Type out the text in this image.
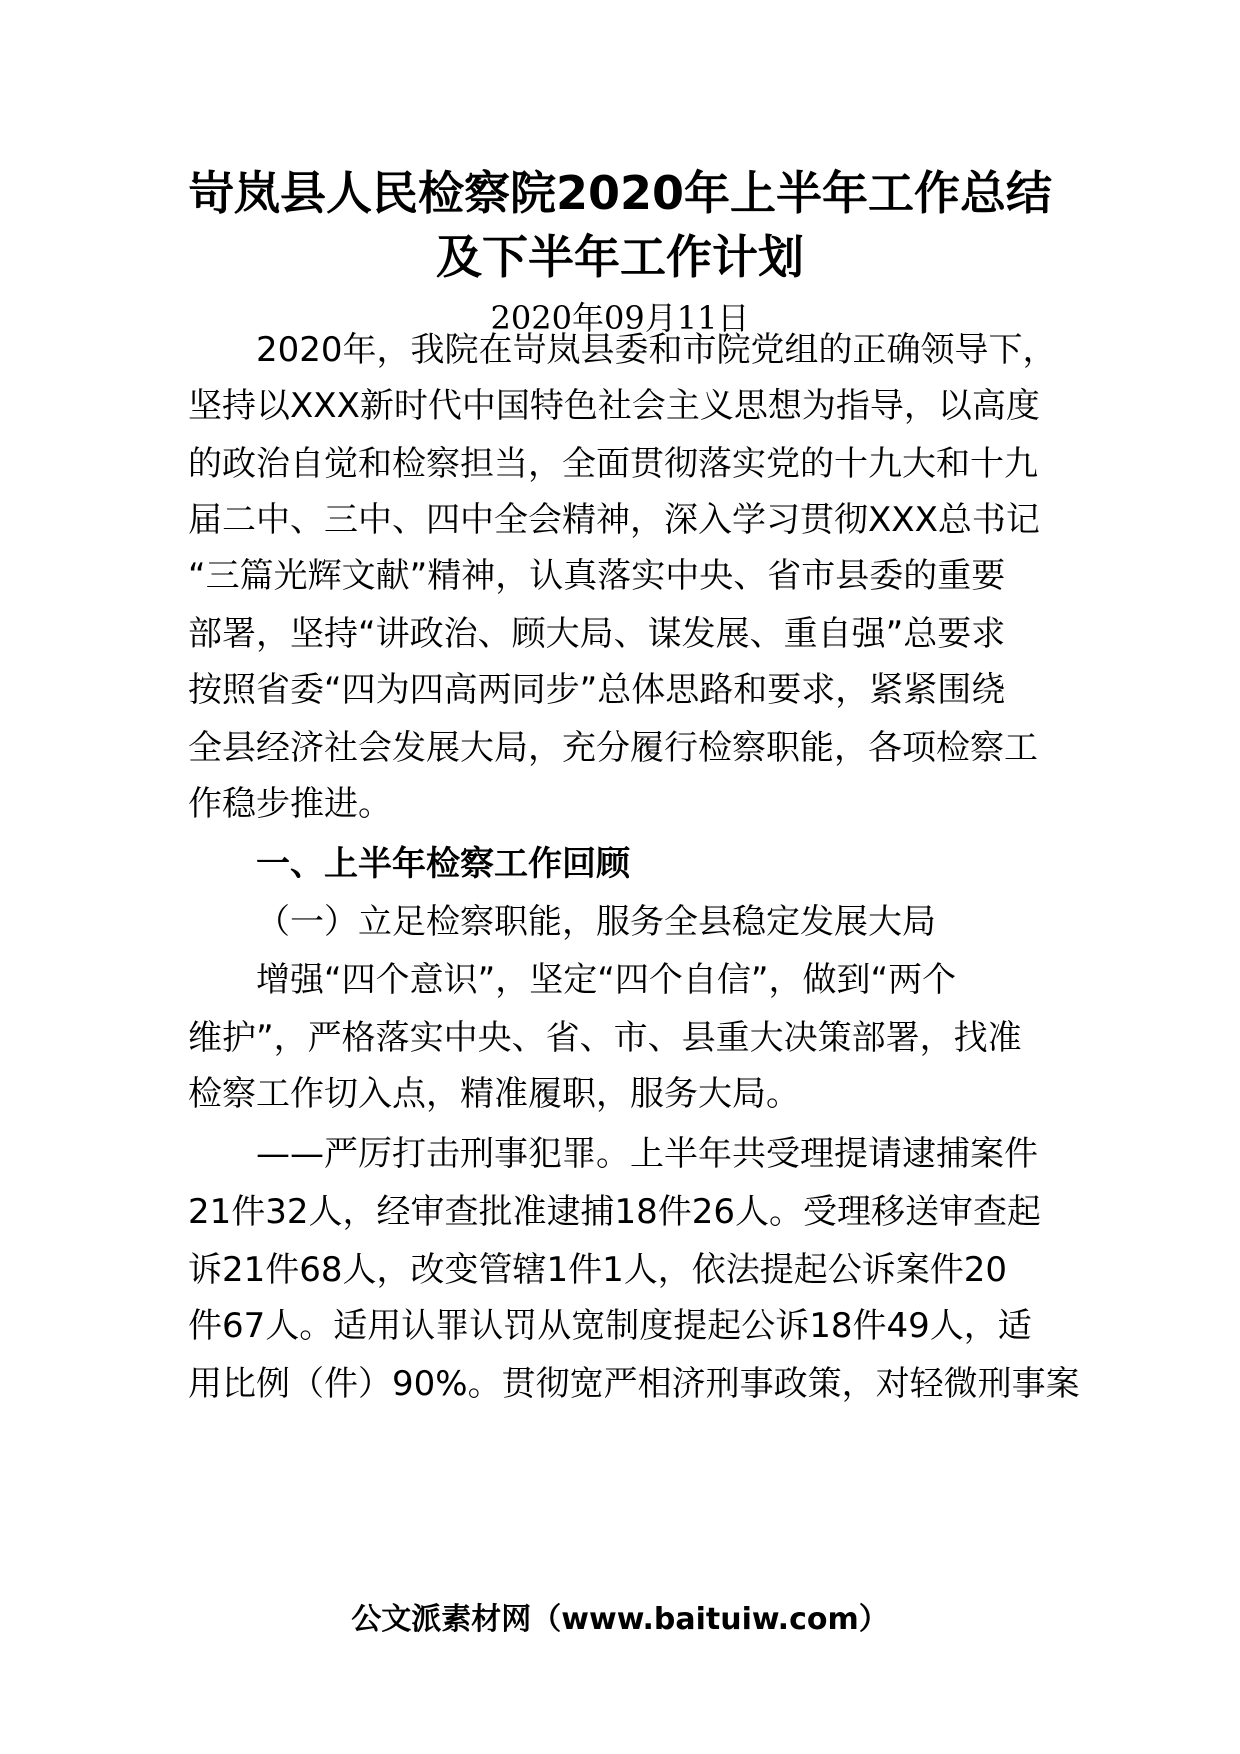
岢岚县人民检察院2020年上半年工作总结
及下半年工作计划
2020年09月11日
2020年，我院在岢岚县委和市院党组的正确领导下，
坚持以XXX新时代中国特色社会主义思想为指导，以高度
的政治自觉和检察担当，全面贯彻落实党的十九大和十九
届二中、三中、四中全会精神，深入学习贯彻XXX总书记
“三篇光辉文献”精神，认真落实中央、省市县委的重要
部署，坚持“讲政治、顾大局、谋发展、重自强”总要求
按照省委“四为四高两同步”总体思路和要求，紧紧围绕
全县经济社会发展大局，充分履行检察职能，各项检察工
作稳步推进。
一、上半年检察工作回顾
（一）立足检察职能，服务全县稳定发展大局
增强“四个意识”，坚定“四个自信”，做到“两个
维护”，严格落实中央、省、市、县重大决策部署，找准
检察工作切入点，精准履职，服务大局。
——严厉打击刑事犯罪。上半年共受理提请逮捕案件
21件32人，经审查批准逮捕18件26人。受理移送审查起
诉21件68人，改变管辖1件1人，依法提起公诉案件20
件67人。适用认罪认罚从宽制度提起公诉18件49人，适
用比例（件）90%。贯彻宽严相济刑事政策，对轻微刑事案
公文派素材网（www.baituiw.com）
